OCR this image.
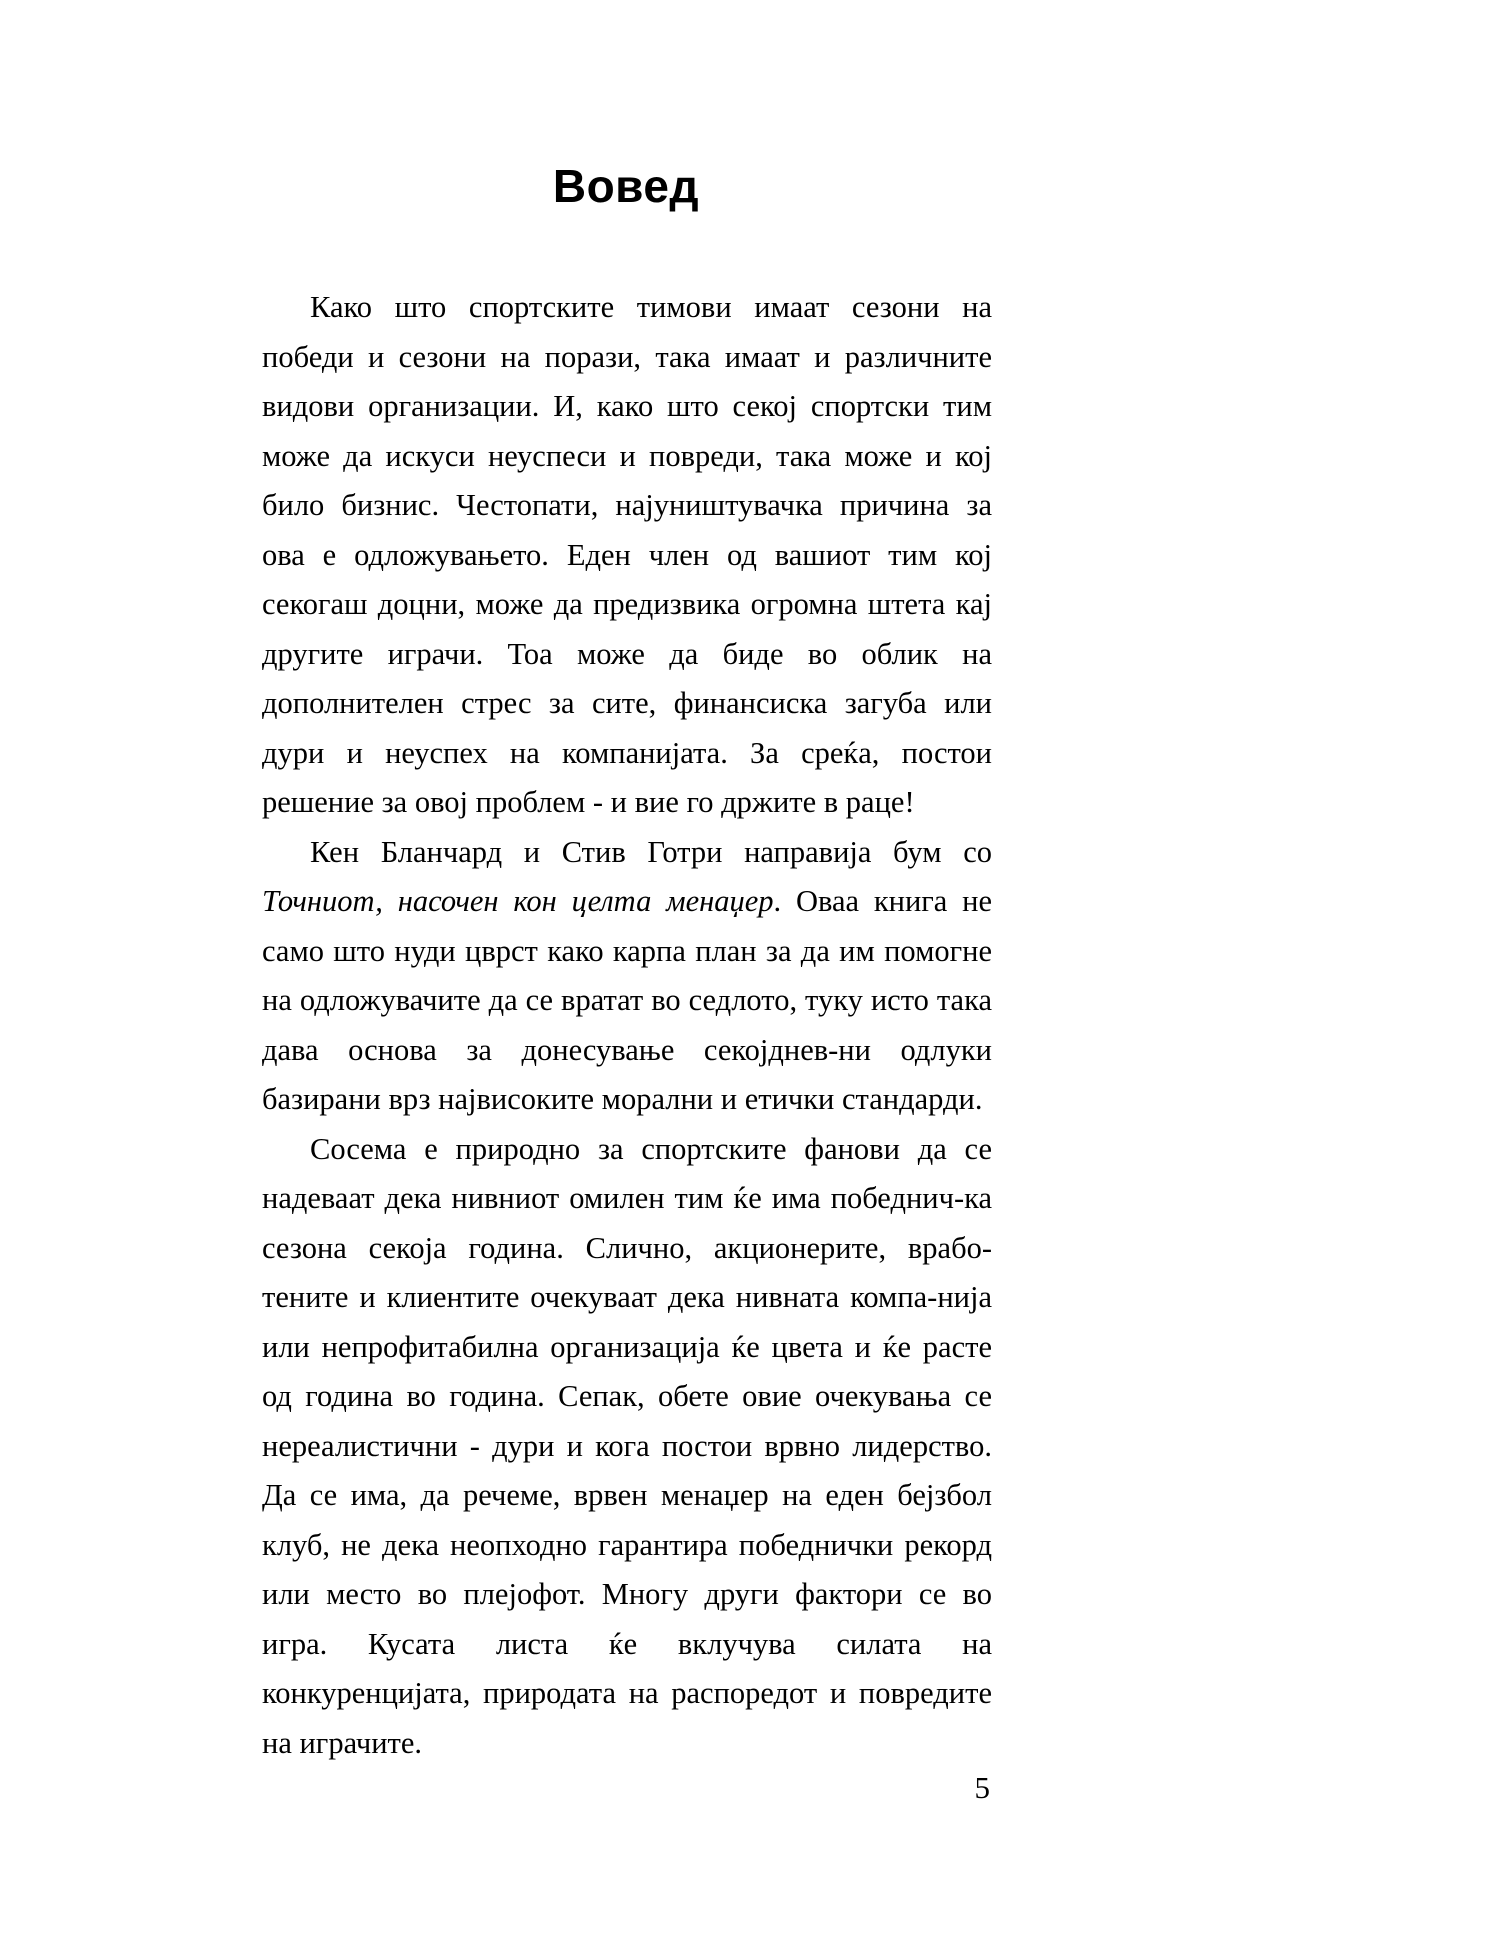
Вовед

Како што спортските тимови имаат сезони на победи и сезони на порази, така имаат и различните видови организации. И, како што секој спортски тим може да искуси неуспеси и повреди, така може и кој било бизнис. Честопати, најуништувачка причина за ова е одложувањето. Еден член од вашиот тим кој секогаш доцни, може да предизвика огромна штета кај другите играчи. Тоа може да биде во облик на дополнителен стрес за сите, финансиска загуба или дури и неуспех на компанијата. За среќа, постои решение за овој проблем - и вие го држите в раце!

Кен Бланчард и Стив Готри направија бум со Точниот, насочен кон целта менаџер. Оваа книга не само што нуди цврст како карпа план за да им помогне на одложувачите да се вратат во седлото, туку исто така дава основа за донесување секојднев-ни одлуки базирани врз највисоките морални и етички стандарди.

Сосема е природно за спортските фанови да се надеваат дека нивниот омилен тим ќе има победнич-ка сезона секоја година. Слично, акционерите, врабо-тените и клиентите очекуваат дека нивната компа-нија или непрофитабилна организација ќе цвета и ќе расте од година во година. Сепак, обете овие очекувања се нереалистични - дури и кога постои врвно лидерство. Да се има, да речеме, врвен менаџер на еден бејзбол клуб, не дека неопходно гарантира победнички рекорд или место во плејофот. Многу други фактори се во игра. Кусата листа ќе вклучува силата на конкуренцијата, природата на распоредот и повредите на играчите.

5
